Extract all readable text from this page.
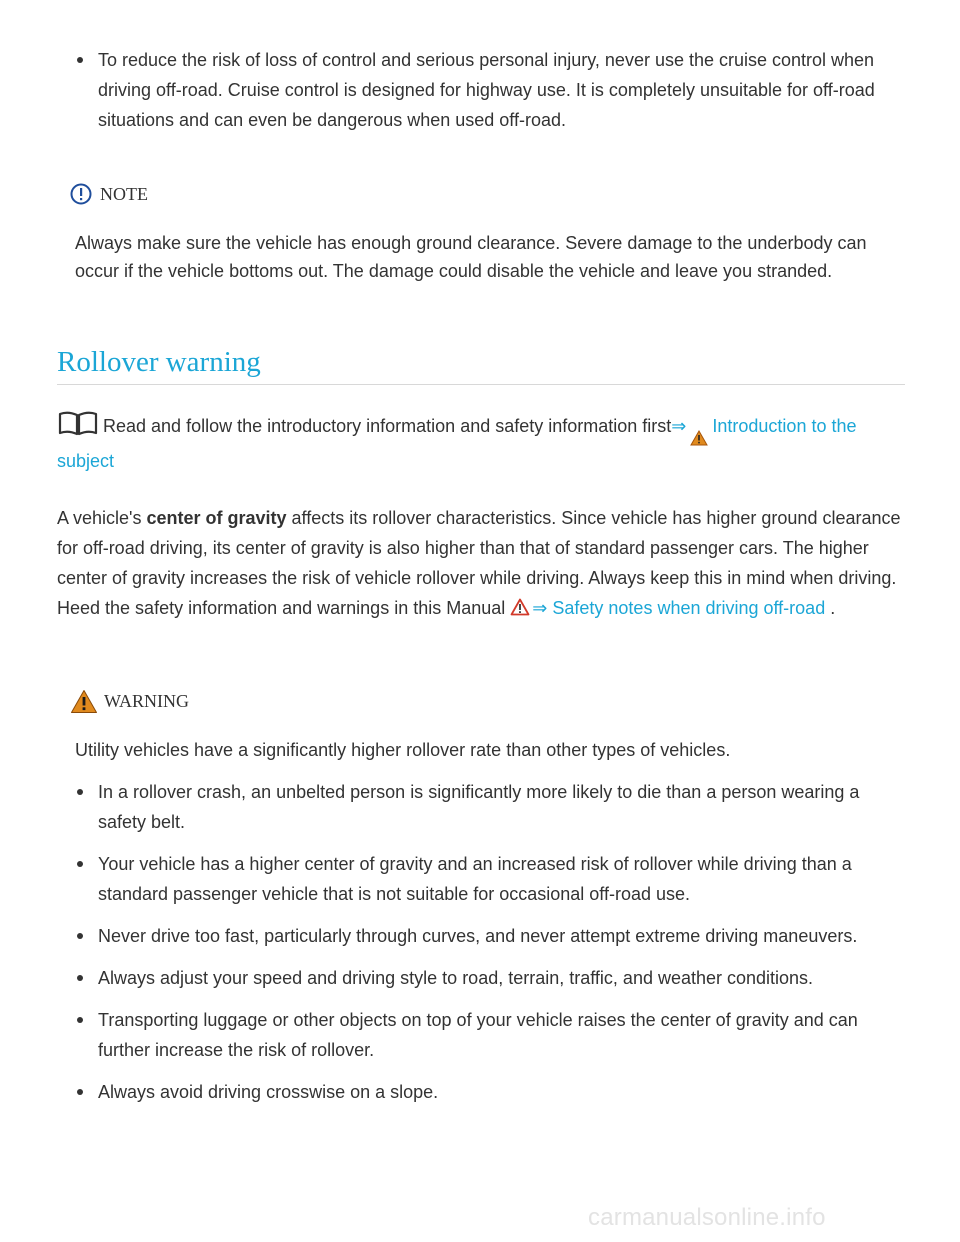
To reduce the risk of loss of control and serious personal injury, never use the cruise control when driving off-road. Cruise control is designed for highway use. It is completely unsuitable for off-road situations and can even be dangerous when used off-road.
NOTE

Always make sure the vehicle has enough ground clearance. Severe damage to the underbody can occur if the vehicle bottoms out. The damage could disable the vehicle and leave you stranded.

Rollover warning

Read and follow the introductory information and safety information first⇒ Introduction to the subject

A vehicle's center of gravity affects its rollover characteristics. Since vehicle has higher ground clearance for off-road driving, its center of gravity is also higher than that of standard passenger cars. The higher center of gravity increases the risk of vehicle rollover while driving. Always keep this in mind when driving. Heed the safety information and warnings in this Manual ⇒ Safety notes when driving off-road .

WARNING

Utility vehicles have a significantly higher rollover rate than other types of vehicles.

In a rollover crash, an unbelted person is significantly more likely to die than a person wearing a safety belt.
Your vehicle has a higher center of gravity and an increased risk of rollover while driving than a standard passenger vehicle that is not suitable for occasional off-road use.
Never drive too fast, particularly through curves, and never attempt extreme driving maneuvers.
Always adjust your speed and driving style to road, terrain, traffic, and weather conditions.
Transporting luggage or other objects on top of your vehicle raises the center of gravity and can further increase the risk of rollover.
Always avoid driving crosswise on a slope.
carmanualsonline.info
